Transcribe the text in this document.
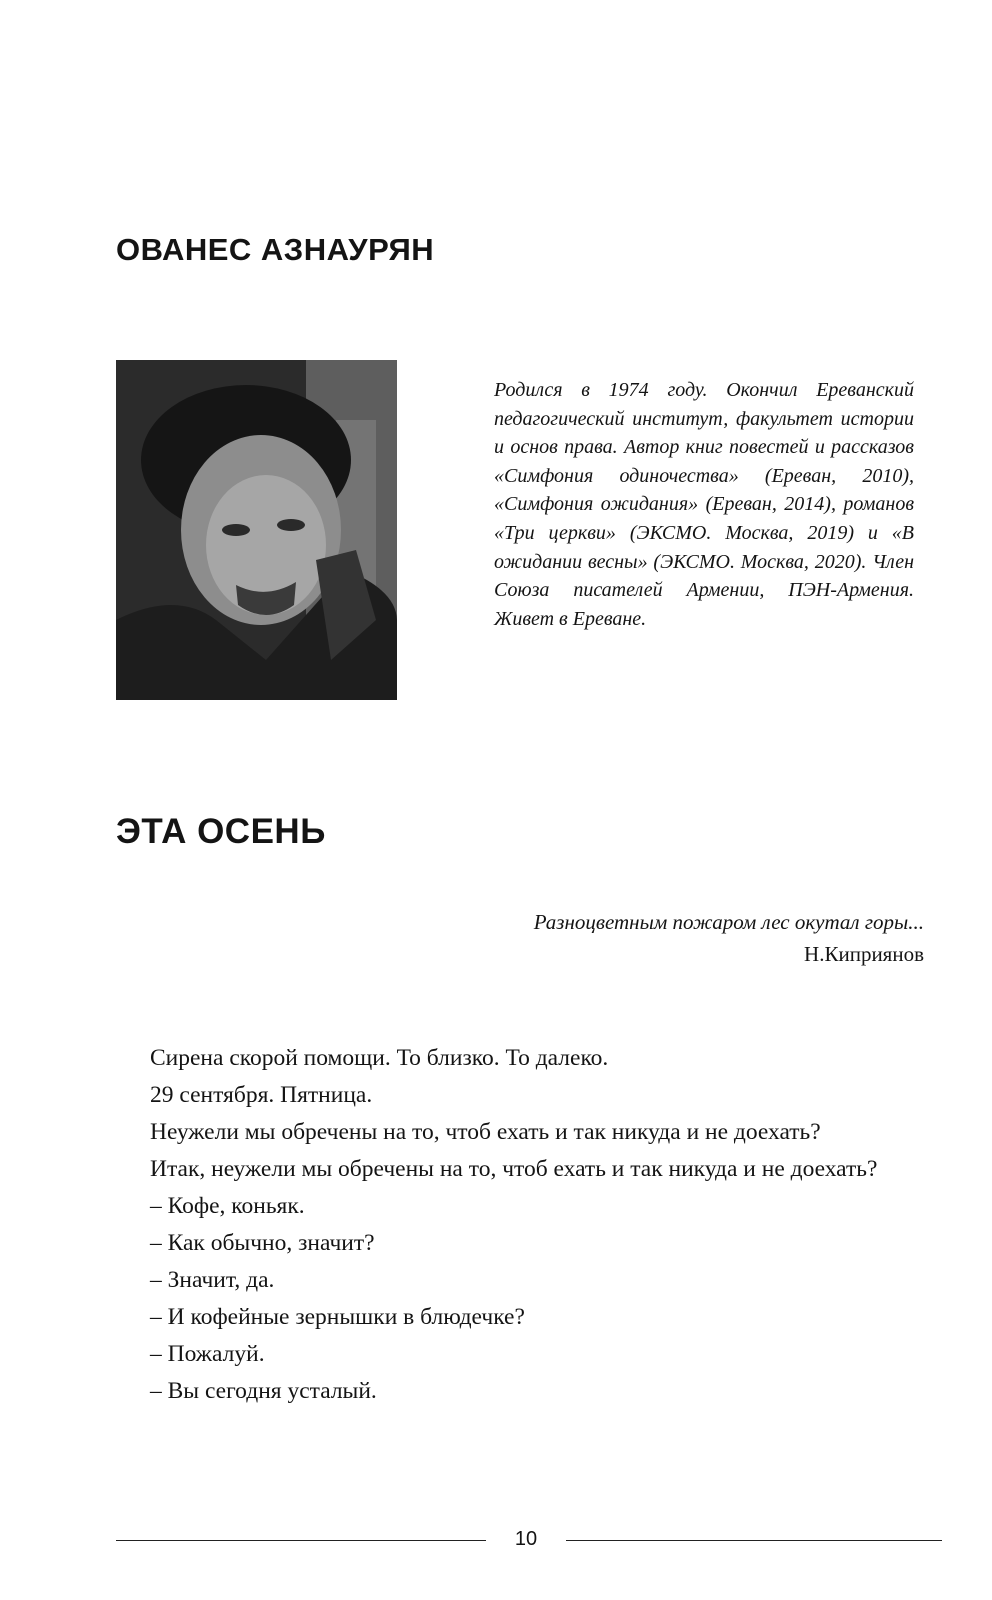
ОВАНЕС АЗНАУРЯН

Родился в 1974 году. Окончил Ереванский педагогический институт, факультет истории и основ права. Автор книг повестей и рассказов «Симфония одиночества» (Ереван, 2010), «Симфония ожидания» (Ереван, 2014), романов «Три церкви» (ЭКСМО. Москва, 2019) и «В ожидании весны» (ЭКСМО. Москва, 2020). Член Союза писателей Армении, ПЭН-Армения. Живет в Ереване.

ЭТА ОСЕНЬ
Разноцветным пожаром лес окутал горы...
Н.Киприянов

Сирена скорой помощи. То близко. То далеко.

29 сентября. Пятница.

Неужели мы обречены на то, чтоб ехать и так никуда и не доехать?

Итак, неужели мы обречены на то, чтоб ехать и так никуда и не доехать?

– Кофе, коньяк.

– Как обычно, значит?

– Значит, да.

– И кофейные зернышки в блюдечке?

– Пожалуй.

– Вы сегодня усталый.

10
